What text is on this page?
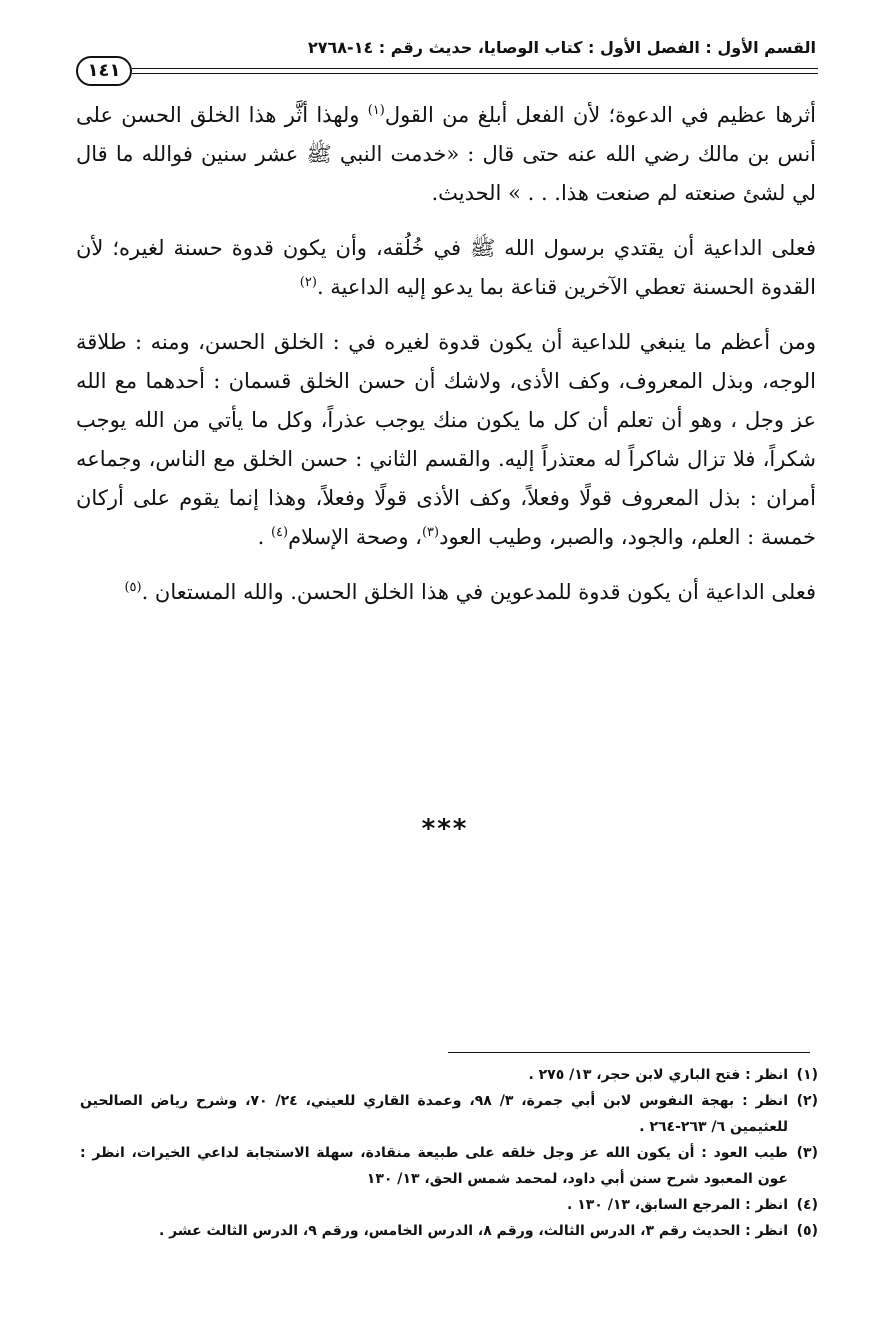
القسم الأول : الفصل الأول : كتاب الوصايا، حديث رقم : ١٤-٢٧٦٨
١٤١

أثرها عظيم في الدعوة؛ لأن الفعل أبلغ من القول$^{(١)}$ ولهذا أثَّر هذا الخلق الحسن على أنس بن مالك رضي الله عنه حتى قال : «خدمت النبي ﷺ عشر سنين فوالله ما قال لي لشئ صنعته لم صنعت هذا. . . » الحديث.

فعلى الداعية أن يقتدي برسول الله ﷺ في خُلُقه، وأن يكون قدوة حسنة لغيره؛ لأن القدوة الحسنة تعطي الآخرين قناعة بما يدعو إليه الداعية .$^{(٢)}$

ومن أعظم ما ينبغي للداعية أن يكون قدوة لغيره في : الخلق الحسن، ومنه : طلاقة الوجه، وبذل المعروف، وكف الأذى، ولاشك أن حسن الخلق قسمان : أحدهما مع الله عز وجل ، وهو أن تعلم أن كل ما يكون منك يوجب عذراً، وكل ما يأتي من الله يوجب شكراً، فلا تزال شاكراً له معتذراً إليه. والقسم الثاني : حسن الخلق مع الناس، وجماعه أمران : بذل المعروف قولًا وفعلاً، وكف الأذى قولًا وفعلاً، وهذا إنما يقوم على أركان خمسة : العلم، والجود، والصبر، وطيب العود$^{(٣)}$، وصحة الإسلام$^{(٤)}$ .

فعلى الداعية أن يكون قدوة للمدعوين في هذا الخلق الحسن. والله المستعان .$^{(٥)}$

***

(١)
انظر : فتح الباري لابن حجر، ١٣/ ٢٧٥ .

(٢)
انظر : بهجة النفوس لابن أبي جمرة، ٣/ ٩٨، وعمدة القاري للعيني، ٢٤/ ٧٠، وشرح رياض الصالحين للعثيمين ٦/ ٢٦٣-٢٦٤ .

(٣)
طيب العود : أن يكون الله عز وجل خلقه على طبيعة منقادة، سهلة الاستجابة لداعي الخيرات، انظر : عون المعبود شرح سنن أبي داود، لمحمد شمس الحق، ١٣/ ١٣٠

(٤)
انظر : المرجع السابق، ١٣/ ١٣٠ .

(٥)
انظر : الحديث رقم ٣، الدرس الثالث، ورقم ٨، الدرس الخامس، ورقم ٩، الدرس الثالث عشر .
